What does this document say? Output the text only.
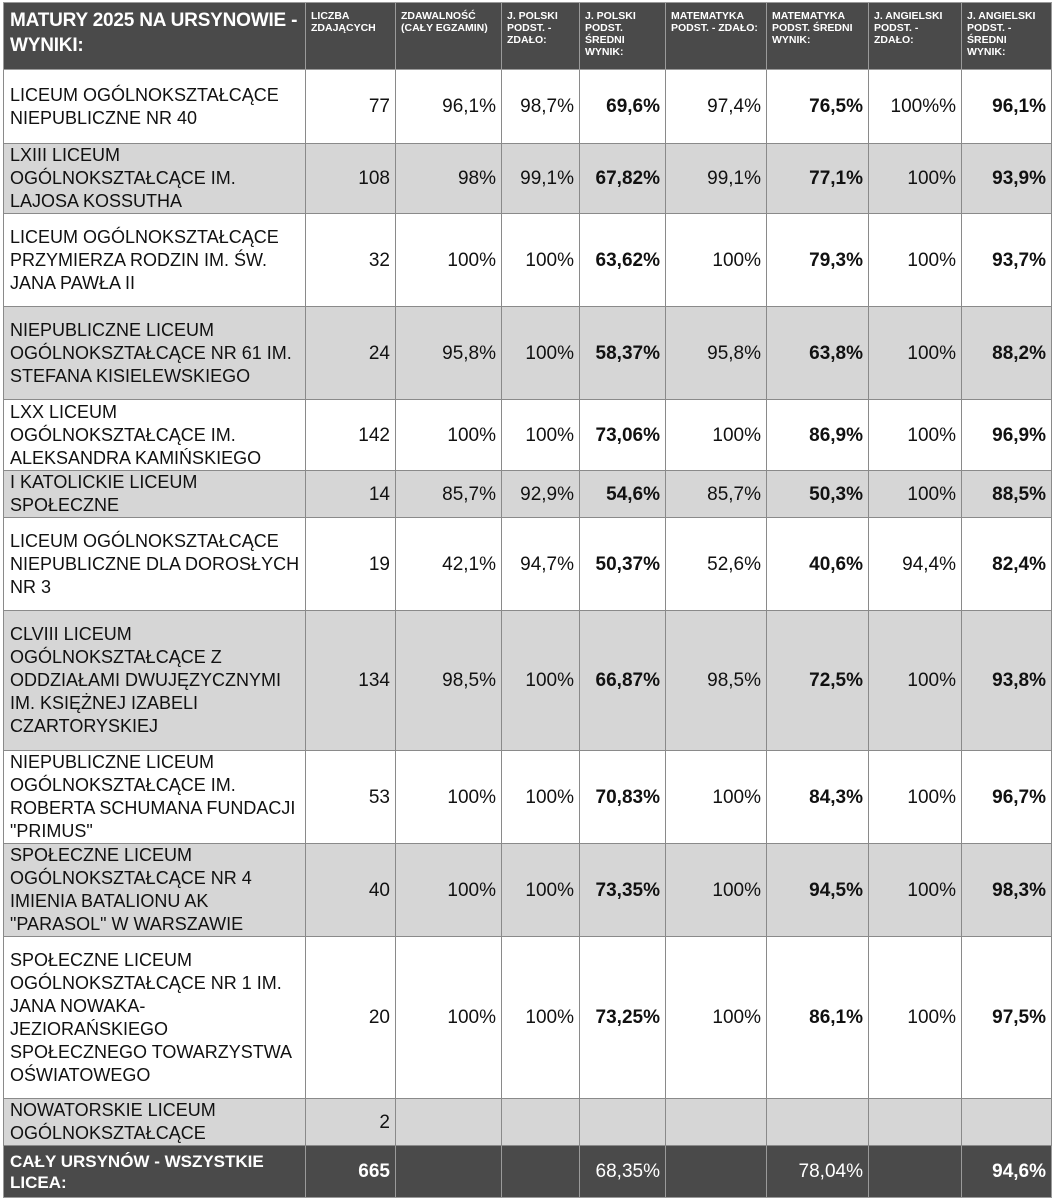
MATURY 2025 NA URSYNOWIE - WYNIKI:	LICZBA ZDAJĄCYCH	ZDAWALNOŚĆ (CAŁY EGZAMIN)	J. POLSKI PODST. - ZDAŁO:	J. POLSKI PODST. ŚREDNI WYNIK:	MATEMATYKA PODST. - ZDAŁO:	MATEMATYKA PODST. ŚREDNI WYNIK:	J. ANGIELSKI PODST. - ZDAŁO:	J. ANGIELSKI PODST. - ŚREDNI WYNIK:
LICEUM OGÓLNOKSZTAŁCĄCE NIEPUBLICZNE NR 40	77	96,1%	98,7%	69,6%	97,4%	76,5%	100%%	96,1%
LXIII LICEUM OGÓLNOKSZTAŁCĄCE IM. LAJOSA KOSSUTHA	108	98%	99,1%	67,82%	99,1%	77,1%	100%	93,9%
LICEUM OGÓLNOKSZTAŁCĄCE PRZYMIERZA RODZIN IM. ŚW. JANA PAWŁA II	32	100%	100%	63,62%	100%	79,3%	100%	93,7%
NIEPUBLICZNE LICEUM OGÓLNOKSZTAŁCĄCE NR 61 IM. STEFANA KISIELEWSKIEGO	24	95,8%	100%	58,37%	95,8%	63,8%	100%	88,2%
LXX LICEUM OGÓLNOKSZTAŁCĄCE IM. ALEKSANDRA KAMIŃSKIEGO	142	100%	100%	73,06%	100%	86,9%	100%	96,9%
I KATOLICKIE LICEUM SPOŁECZNE	14	85,7%	92,9%	54,6%	85,7%	50,3%	100%	88,5%
LICEUM OGÓLNOKSZTAŁCĄCE NIEPUBLICZNE DLA DOROSŁYCH NR 3	19	42,1%	94,7%	50,37%	52,6%	40,6%	94,4%	82,4%
CLVIII LICEUM OGÓLNOKSZTAŁCĄCE Z ODDZIAŁAMI DWUJĘZYCZNYMI IM. KSIĘŻNEJ IZABELI CZARTORYSKIEJ	134	98,5%	100%	66,87%	98,5%	72,5%	100%	93,8%
NIEPUBLICZNE LICEUM OGÓLNOKSZTAŁCĄCE IM. ROBERTA SCHUMANA FUNDACJI "PRIMUS"	53	100%	100%	70,83%	100%	84,3%	100%	96,7%
SPOŁECZNE LICEUM OGÓLNOKSZTAŁCĄCE NR 4 IMIENIA BATALIONU AK "PARASOL" W WARSZAWIE	40	100%	100%	73,35%	100%	94,5%	100%	98,3%
SPOŁECZNE LICEUM OGÓLNOKSZTAŁCĄCE NR 1 IM. JANA NOWAKA-JEZIORAŃSKIEGO SPOŁECZNEGO TOWARZYSTWA OŚWIATOWEGO	20	100%	100%	73,25%	100%	86,1%	100%	97,5%
NOWATORSKIE LICEUM OGÓLNOKSZTAŁCĄCE	2							
CAŁY URSYNÓW - WSZYSTKIE LICEA:	665			68,35%		78,04%		94,6%
